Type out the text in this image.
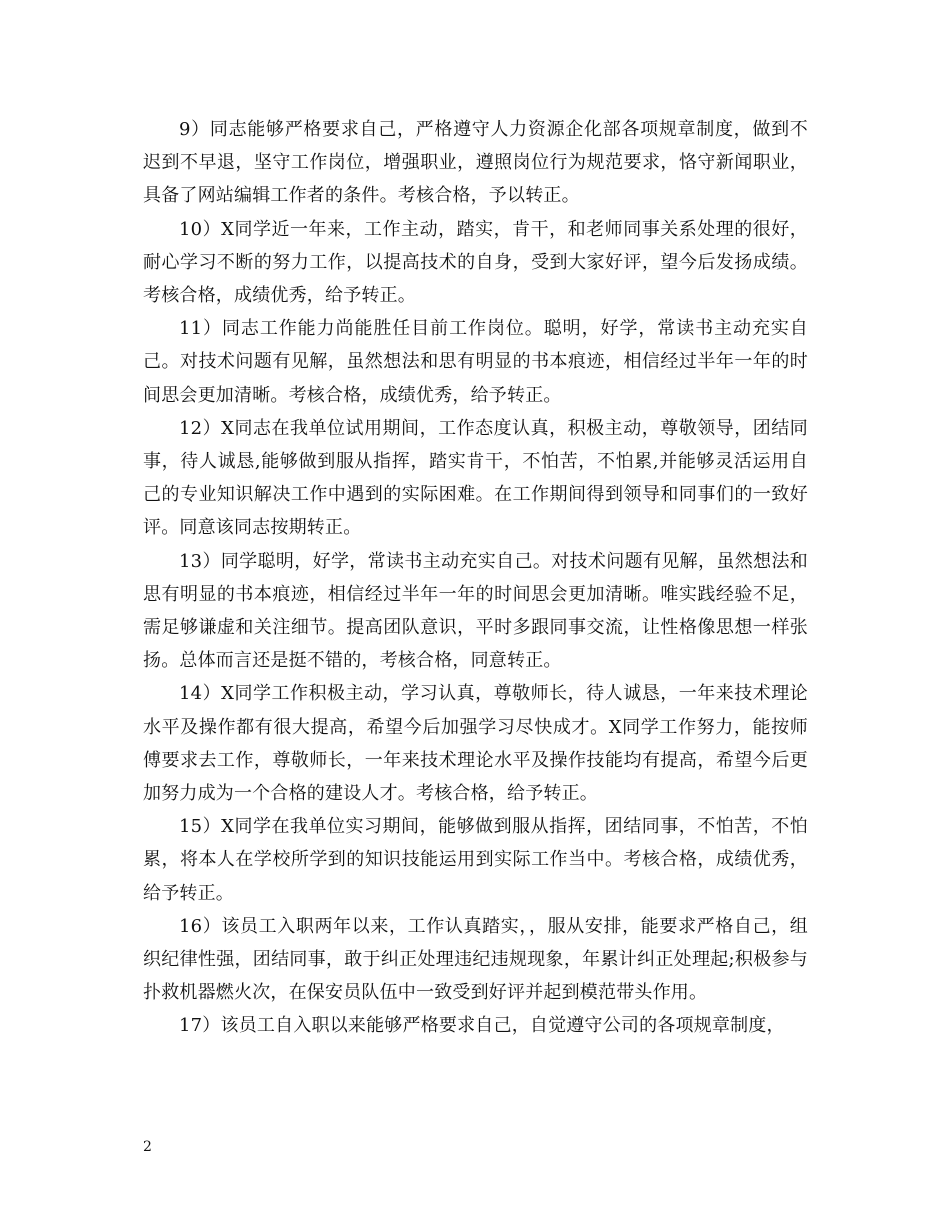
9）同志能够严格要求自己，严格遵守人力资源企化部各项规章制度，做到不迟到不早退，坚守工作岗位，增强职业，遵照岗位行为规范要求，恪守新闻职业，具备了网站编辑工作者的条件。考核合格，予以转正。

10）X同学近一年来，工作主动，踏实，肯干，和老师同事关系处理的很好，耐心学习不断的努力工作，以提高技术的自身，受到大家好评，望今后发扬成绩。考核合格，成绩优秀，给予转正。

11）同志工作能力尚能胜任目前工作岗位。聪明，好学，常读书主动充实自己。对技术问题有见解，虽然想法和思有明显的书本痕迹，相信经过半年一年的时间思会更加清晰。考核合格，成绩优秀，给予转正。

12）X同志在我单位试用期间，工作态度认真，积极主动，尊敬领导，团结同事，待人诚恳,能够做到服从指挥，踏实肯干，不怕苦，不怕累,并能够灵活运用自己的专业知识解决工作中遇到的实际困难。在工作期间得到领导和同事们的一致好评。同意该同志按期转正。

13）同学聪明，好学，常读书主动充实自己。对技术问题有见解，虽然想法和思有明显的书本痕迹，相信经过半年一年的时间思会更加清晰。唯实践经验不足，需足够谦虚和关注细节。提高团队意识，平时多跟同事交流，让性格像思想一样张扬。总体而言还是挺不错的，考核合格，同意转正。

14）X同学工作积极主动，学习认真，尊敬师长，待人诚恳，一年来技术理论水平及操作都有很大提高，希望今后加强学习尽快成才。X同学工作努力，能按师傅要求去工作，尊敬师长，一年来技术理论水平及操作技能均有提高，希望今后更加努力成为一个合格的建设人才。考核合格，给予转正。

15）X同学在我单位实习期间，能够做到服从指挥，团结同事，不怕苦，不怕累，将本人在学校所学到的知识技能运用到实际工作当中。考核合格，成绩优秀，给予转正。

16）该员工入职两年以来，工作认真踏实，，服从安排，能要求严格自己，组织纪律性强，团结同事，敢于纠正处理违纪违规现象，年累计纠正处理起;积极参与扑救机器燃火次，在保安员队伍中一致受到好评并起到模范带头作用。

17）该员工自入职以来能够严格要求自己，自觉遵守公司的各项规章制度，

2
